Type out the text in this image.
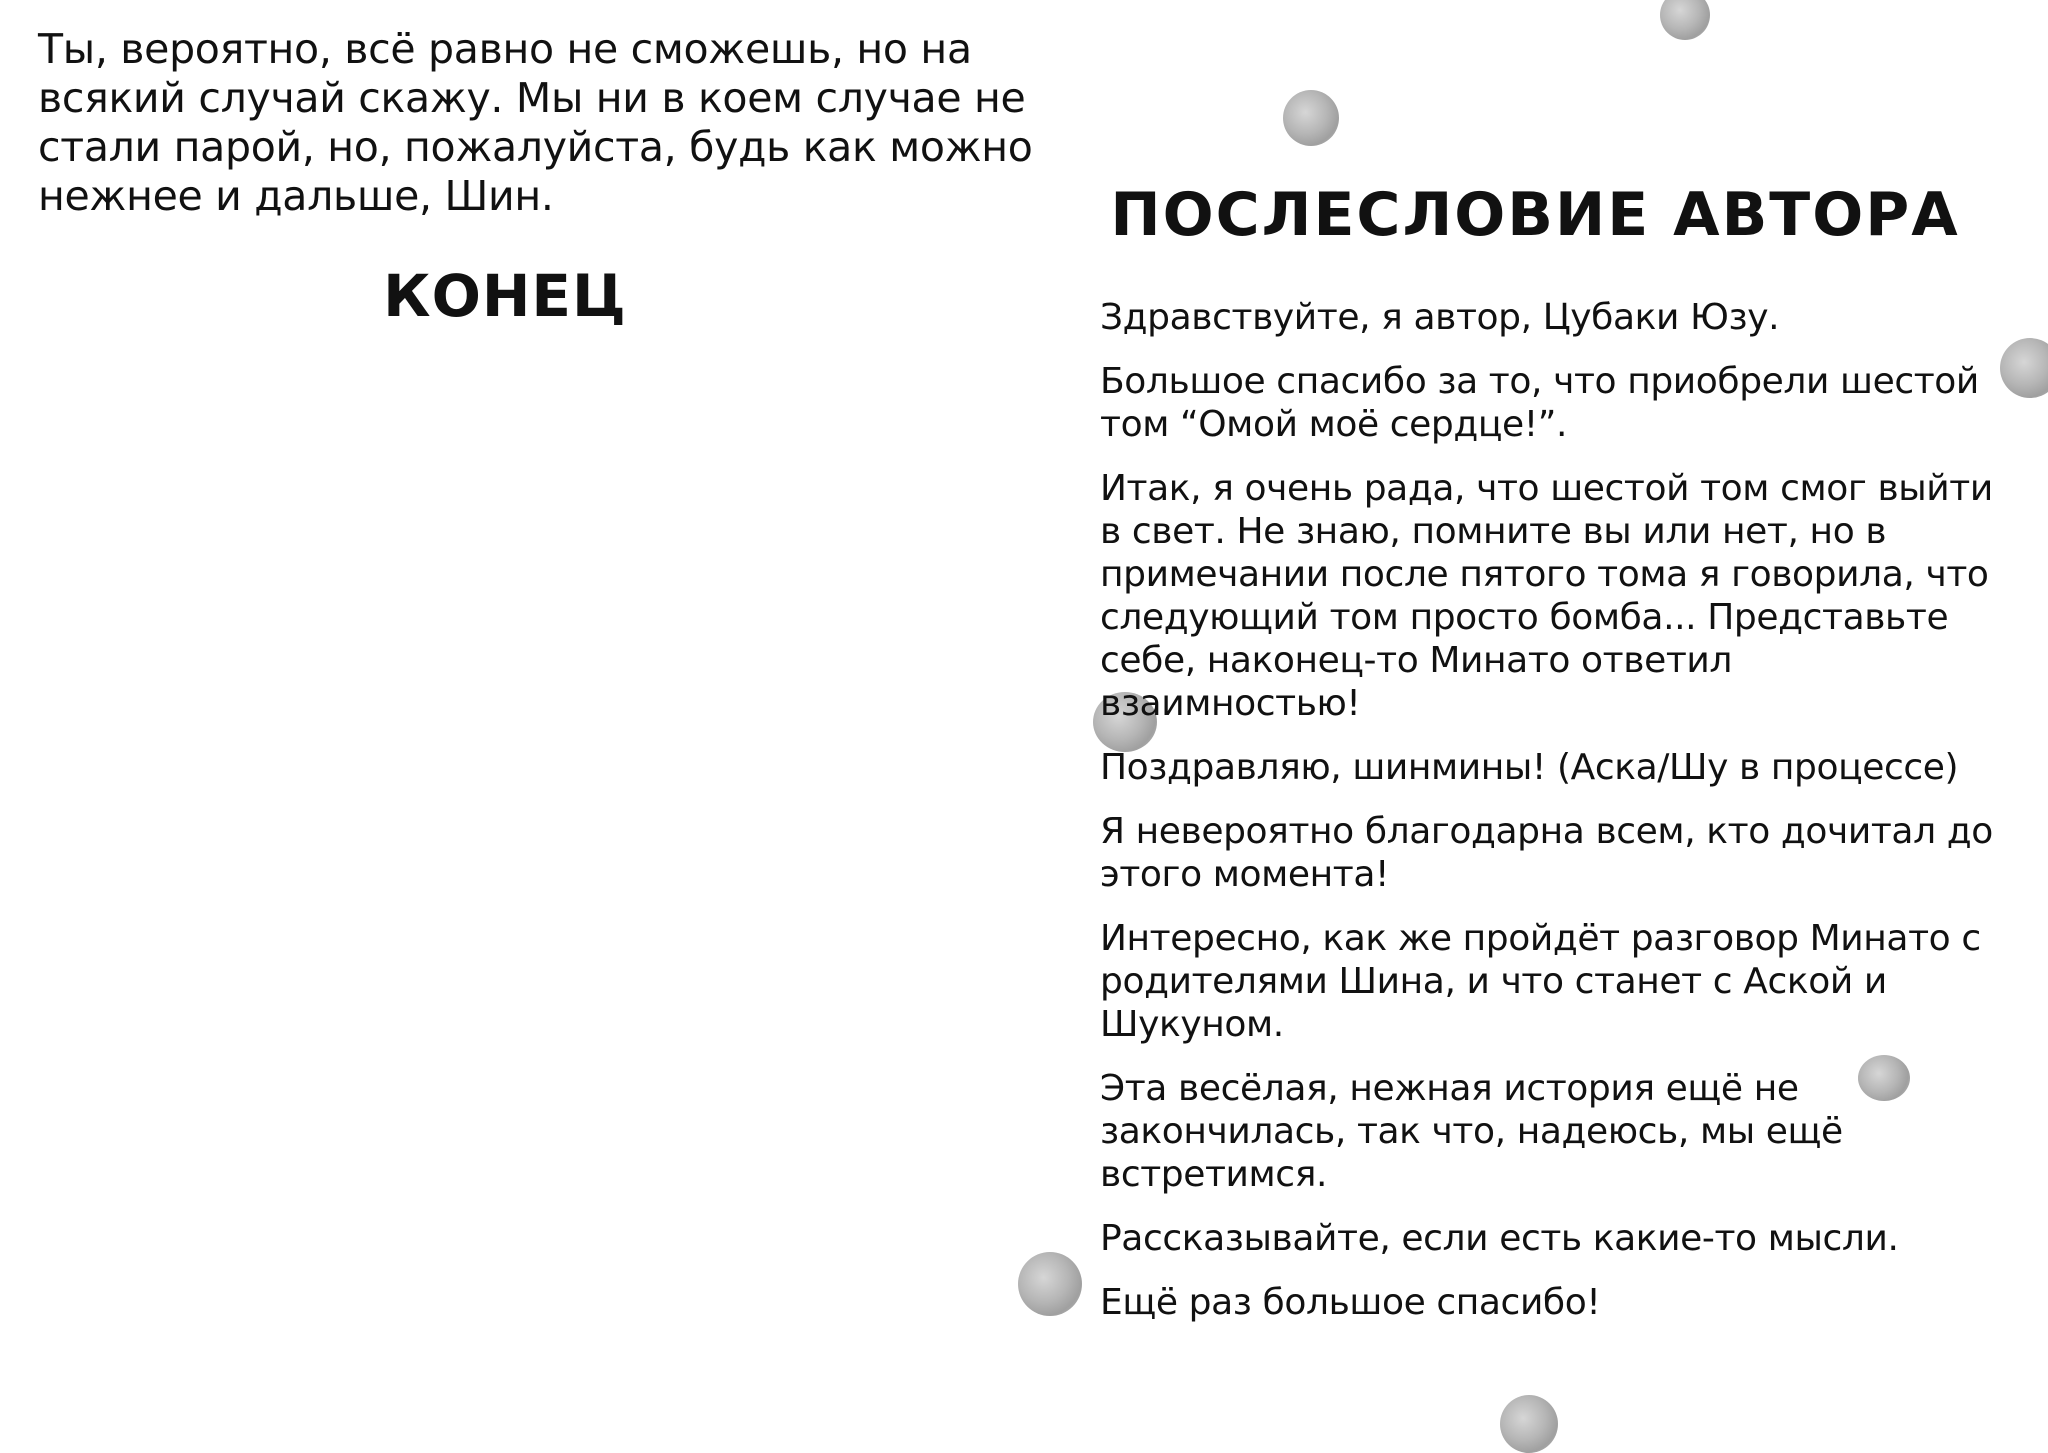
Ты, вероятно, всё равно не сможешь, но на всякий случай скажу. Мы ни в коем случае не стали парой, но, пожалуйста, будь как можно нежнее и дальше, Шин.

КОНЕЦ
ПОСЛЕСЛОВИЕ АВТОРА

Здравствуйте, я автор, Цубаки Юзу.

Большое спасибо за то, что приобрели шестой том “Омой моё сердце!”.

Итак, я очень рада, что шестой том смог выйти в свет. Не знаю, помните вы или нет, но в примечании после пятого тома я говорила, что следующий том просто бомба... Представьте себе, наконец-то Минато ответил взаимностью!

Поздравляю, шинмины! (Аска/Шу в процессе)

Я невероятно благодарна всем, кто дочитал до этого момента!

Интересно, как же пройдёт разговор Минато с родителями Шина, и что станет с Аской и Шукуном.

Эта весёлая, нежная история ещё не закончилась, так что, надеюсь, мы ещё встретимся.

Рассказывайте, если есть какие-то мысли.

Ещё раз большое спасибо!
